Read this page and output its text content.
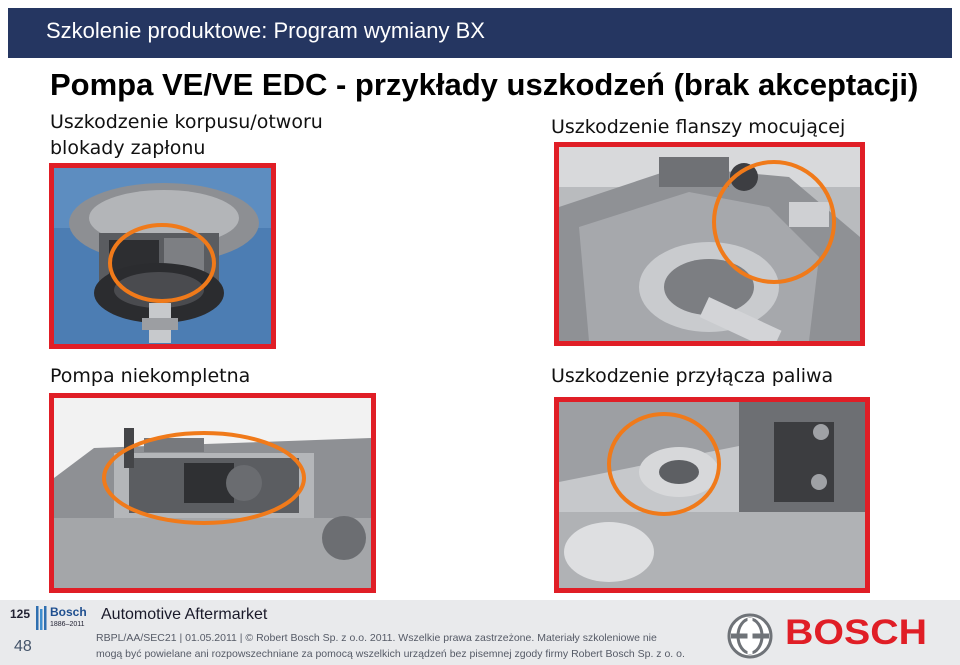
Szkolenie produktowe: Program wymiany BX
Pompa VE/VE EDC - przykłady uszkodzeń (brak akceptacji)
Uszkodzenie korpusu/otworu
blokady zapłonu
Uszkodzenie flanszy mocującej
Pompa niekompletna	Uszkodzenie przyłącza paliwa
48
125 Bosch
1886–2011
Automotive Aftermarket
RBPL/AA/SEC21 | 01.05.2011 | © Robert Bosch Sp. z o.o. 2011. Wszelkie prawa zastrzeżone. Materiały szkoleniowe nie
mogą być powielane ani rozpowszechniane za pomocą wszelkich urządzeń bez pisemnej zgody firmy Robert Bosch Sp. z o. o.
BOSCH
